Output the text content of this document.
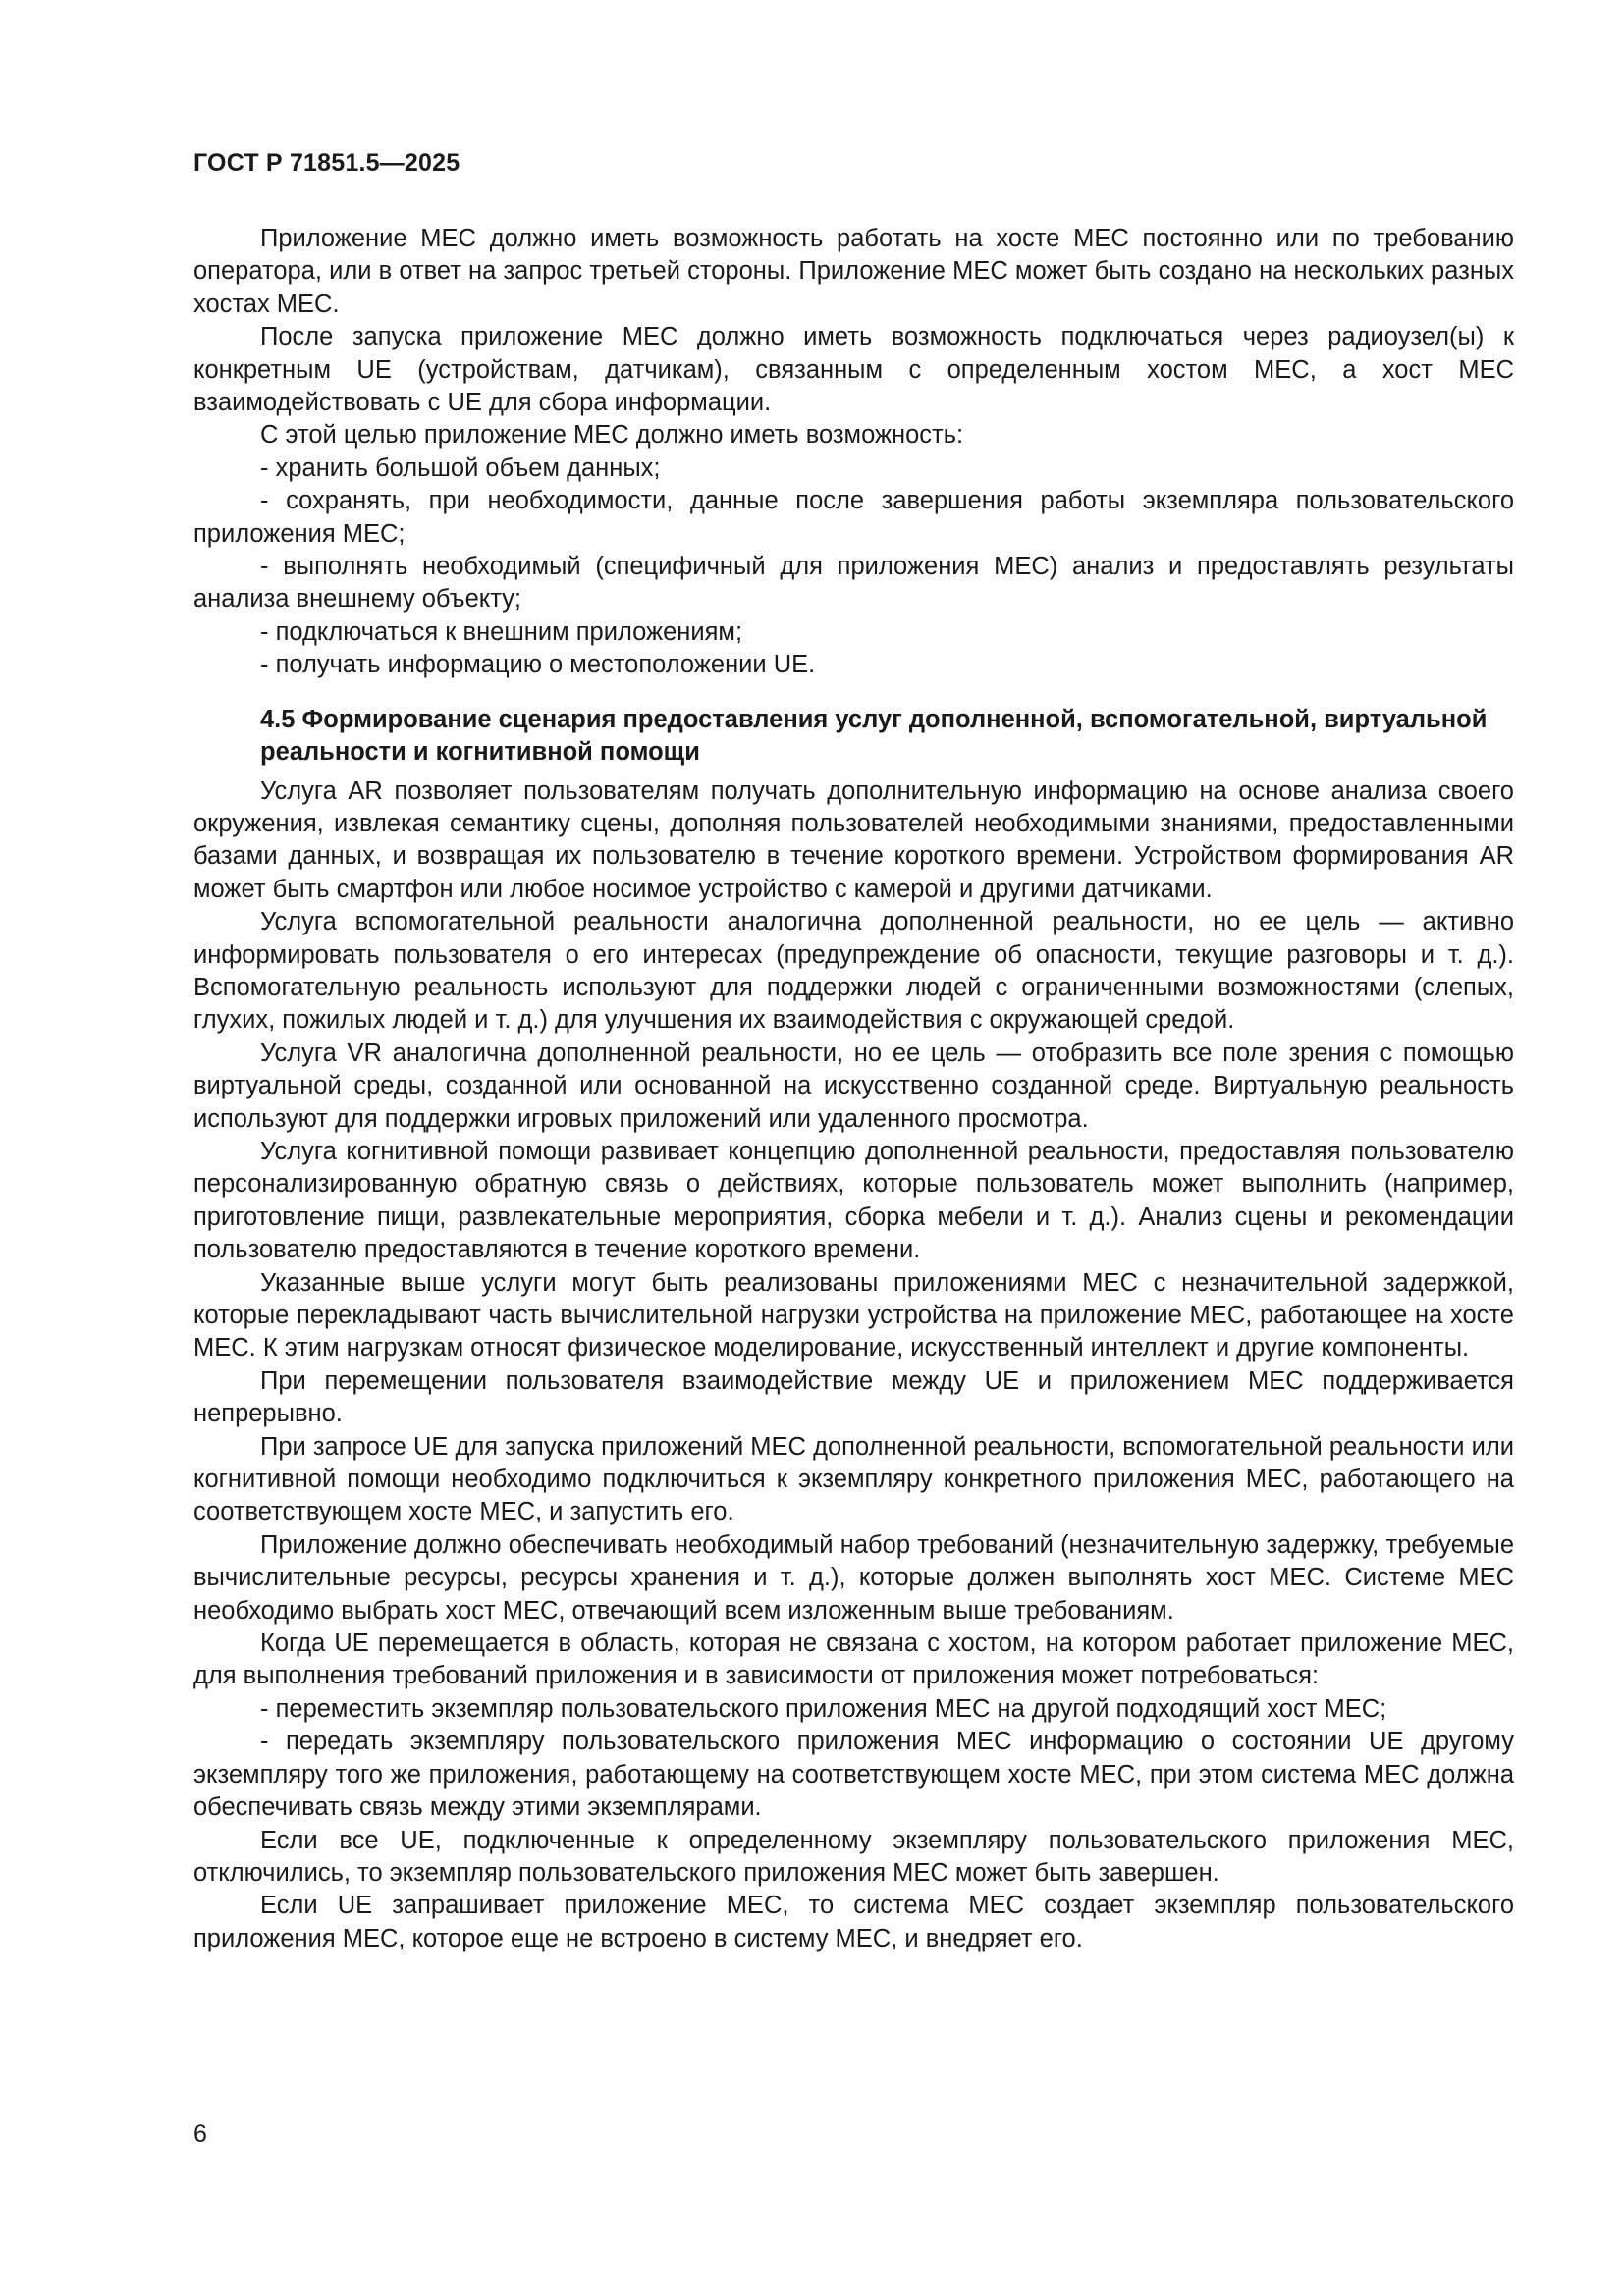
ГОСТ Р 71851.5—2025

Приложение МЕС должно иметь возможность работать на хосте МЕС постоянно или по требованию оператора, или в ответ на запрос третьей стороны. Приложение МЕС может быть создано на нескольких разных хостах МЕС.

После запуска приложение МЕС должно иметь возможность подключаться через радиоузел(ы) к конкретным UE (устройствам, датчикам), связанным с определенным хостом МЕС, а хост МЕС взаимодействовать с UE для сбора информации.

С этой целью приложение МЕС должно иметь возможность:

- хранить большой объем данных;

- сохранять, при необходимости, данные после завершения работы экземпляра пользовательского приложения МЕС;

- выполнять необходимый (специфичный для приложения МЕС) анализ и предоставлять результаты анализа внешнему объекту;

- подключаться к внешним приложениям;

- получать информацию о местоположении UE.

4.5 Формирование сценария предоставления услуг дополненной, вспомогательной, виртуальной реальности и когнитивной помощи

Услуга AR позволяет пользователям получать дополнительную информацию на основе анализа своего окружения, извлекая семантику сцены, дополняя пользователей необходимыми знаниями, предоставленными базами данных, и возвращая их пользователю в течение короткого времени. Устройством формирования AR может быть смартфон или любое носимое устройство с камерой и другими датчиками.

Услуга вспомогательной реальности аналогична дополненной реальности, но ее цель — активно информировать пользователя о его интересах (предупреждение об опасности, текущие разговоры и т. д.). Вспомогательную реальность используют для поддержки людей с ограниченными возможностями (слепых, глухих, пожилых людей и т. д.) для улучшения их взаимодействия с окружающей средой.

Услуга VR аналогична дополненной реальности, но ее цель — отобразить все поле зрения с помощью виртуальной среды, созданной или основанной на искусственно созданной среде. Виртуальную реальность используют для поддержки игровых приложений или удаленного просмотра.

Услуга когнитивной помощи развивает концепцию дополненной реальности, предоставляя пользователю персонализированную обратную связь о действиях, которые пользователь может выполнить (например, приготовление пищи, развлекательные мероприятия, сборка мебели и т. д.). Анализ сцены и рекомендации пользователю предоставляются в течение короткого времени.

Указанные выше услуги могут быть реализованы приложениями МЕС с незначительной задержкой, которые перекладывают часть вычислительной нагрузки устройства на приложение МЕС, работающее на хосте МЕС. К этим нагрузкам относят физическое моделирование, искусственный интеллект и другие компоненты.

При перемещении пользователя взаимодействие между UE и приложением МЕС поддерживается непрерывно.

При запросе UE для запуска приложений МЕС дополненной реальности, вспомогательной реальности или когнитивной помощи необходимо подключиться к экземпляру конкретного приложения МЕС, работающего на соответствующем хосте МЕС, и запустить его.

Приложение должно обеспечивать необходимый набор требований (незначительную задержку, требуемые вычислительные ресурсы, ресурсы хранения и т. д.), которые должен выполнять хост МЕС. Системе МЕС необходимо выбрать хост МЕС, отвечающий всем изложенным выше требованиям.

Когда UE перемещается в область, которая не связана с хостом, на котором работает приложение МЕС, для выполнения требований приложения и в зависимости от приложения может потребоваться:

- переместить экземпляр пользовательского приложения МЕС на другой подходящий хост МЕС;

- передать экземпляру пользовательского приложения МЕС информацию о состоянии UE другому экземпляру того же приложения, работающему на соответствующем хосте МЕС, при этом система МЕС должна обеспечивать связь между этими экземплярами.

Если все UE, подключенные к определенному экземпляру пользовательского приложения МЕС, отключились, то экземпляр пользовательского приложения МЕС может быть завершен.

Если UE запрашивает приложение МЕС, то система МЕС создает экземпляр пользовательского приложения МЕС, которое еще не встроено в систему МЕС, и внедряет его.

6
